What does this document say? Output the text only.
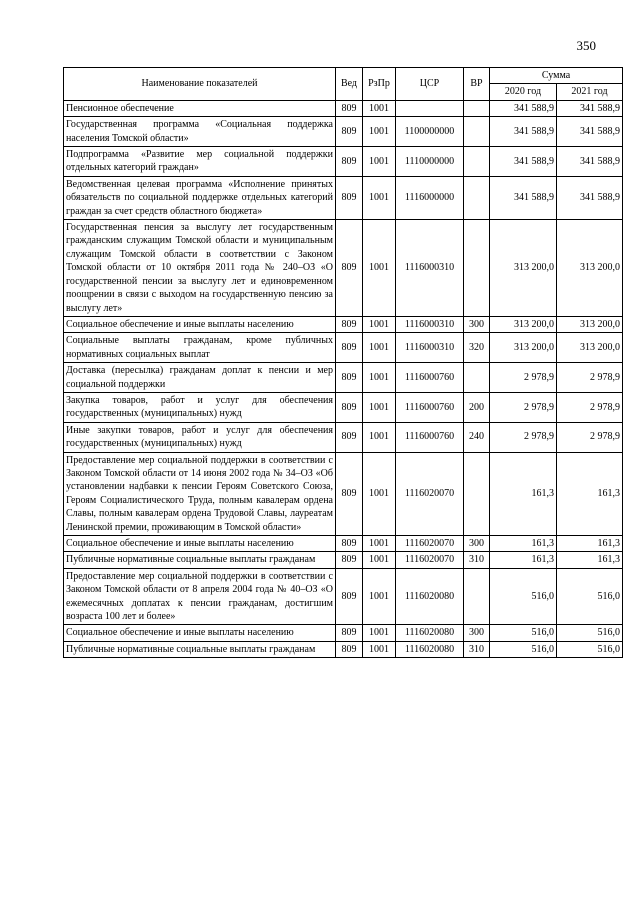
350
Наименование показателей	Вед	РзПр	ЦСР	ВР	Сумма	
					2020 год	2021 год
Пенсионное обеспечение	809	1001			341 588,9	341 588,9
Государственная программа «Социальная поддержка населения Томской области»	809	1001	1100000000		341 588,9	341 588,9
Подпрограмма «Развитие мер социальной поддержки отдельных категорий граждан»	809	1001	1110000000		341 588,9	341 588,9
Ведомственная целевая программа «Исполнение принятых обязательств по социальной поддержке отдельных категорий граждан за счет средств областного бюджета»	809	1001	1116000000		341 588,9	341 588,9
Государственная пенсия за выслугу лет государственным гражданским служащим Томской области и муниципальным служащим Томской области в соответствии с Законом Томской области от 10 октября 2011 года № 240–ОЗ «О государственной пенсии за выслугу лет и единовременном поощрении в связи с выходом на государственную пенсию за выслугу лет»	809	1001	1116000310		313 200,0	313 200,0
Социальное обеспечение и иные выплаты населению	809	1001	1116000310	300	313 200,0	313 200,0
Социальные выплаты гражданам, кроме публичных нормативных социальных выплат	809	1001	1116000310	320	313 200,0	313 200,0
Доставка (пересылка) гражданам доплат к пенсии и мер социальной поддержки	809	1001	1116000760		2 978,9	2 978,9
Закупка товаров, работ и услуг для обеспечения государственных (муниципальных) нужд	809	1001	1116000760	200	2 978,9	2 978,9
Иные закупки товаров, работ и услуг для обеспечения государственных (муниципальных) нужд	809	1001	1116000760	240	2 978,9	2 978,9
Предоставление мер социальной поддержки в соответствии с Законом Томской области от 14 июня 2002 года № 34–ОЗ «Об установлении надбавки к пенсии Героям Советского Союза, Героям Социалистического Труда, полным кавалерам ордена Славы, полным кавалерам ордена Трудовой Славы, лауреатам Ленинской премии, проживающим в Томской области»	809	1001	1116020070		161,3	161,3
Социальное обеспечение и иные выплаты населению	809	1001	1116020070	300	161,3	161,3
Публичные нормативные социальные выплаты гражданам	809	1001	1116020070	310	161,3	161,3
Предоставление мер социальной поддержки в соответствии с Законом Томской области от 8 апреля 2004 года № 40–ОЗ «О ежемесячных доплатах к пенсии гражданам, достигшим возраста 100 лет и более»	809	1001	1116020080		516,0	516,0
Социальное обеспечение и иные выплаты населению	809	1001	1116020080	300	516,0	516,0
Публичные нормативные социальные выплаты гражданам	809	1001	1116020080	310	516,0	516,0
